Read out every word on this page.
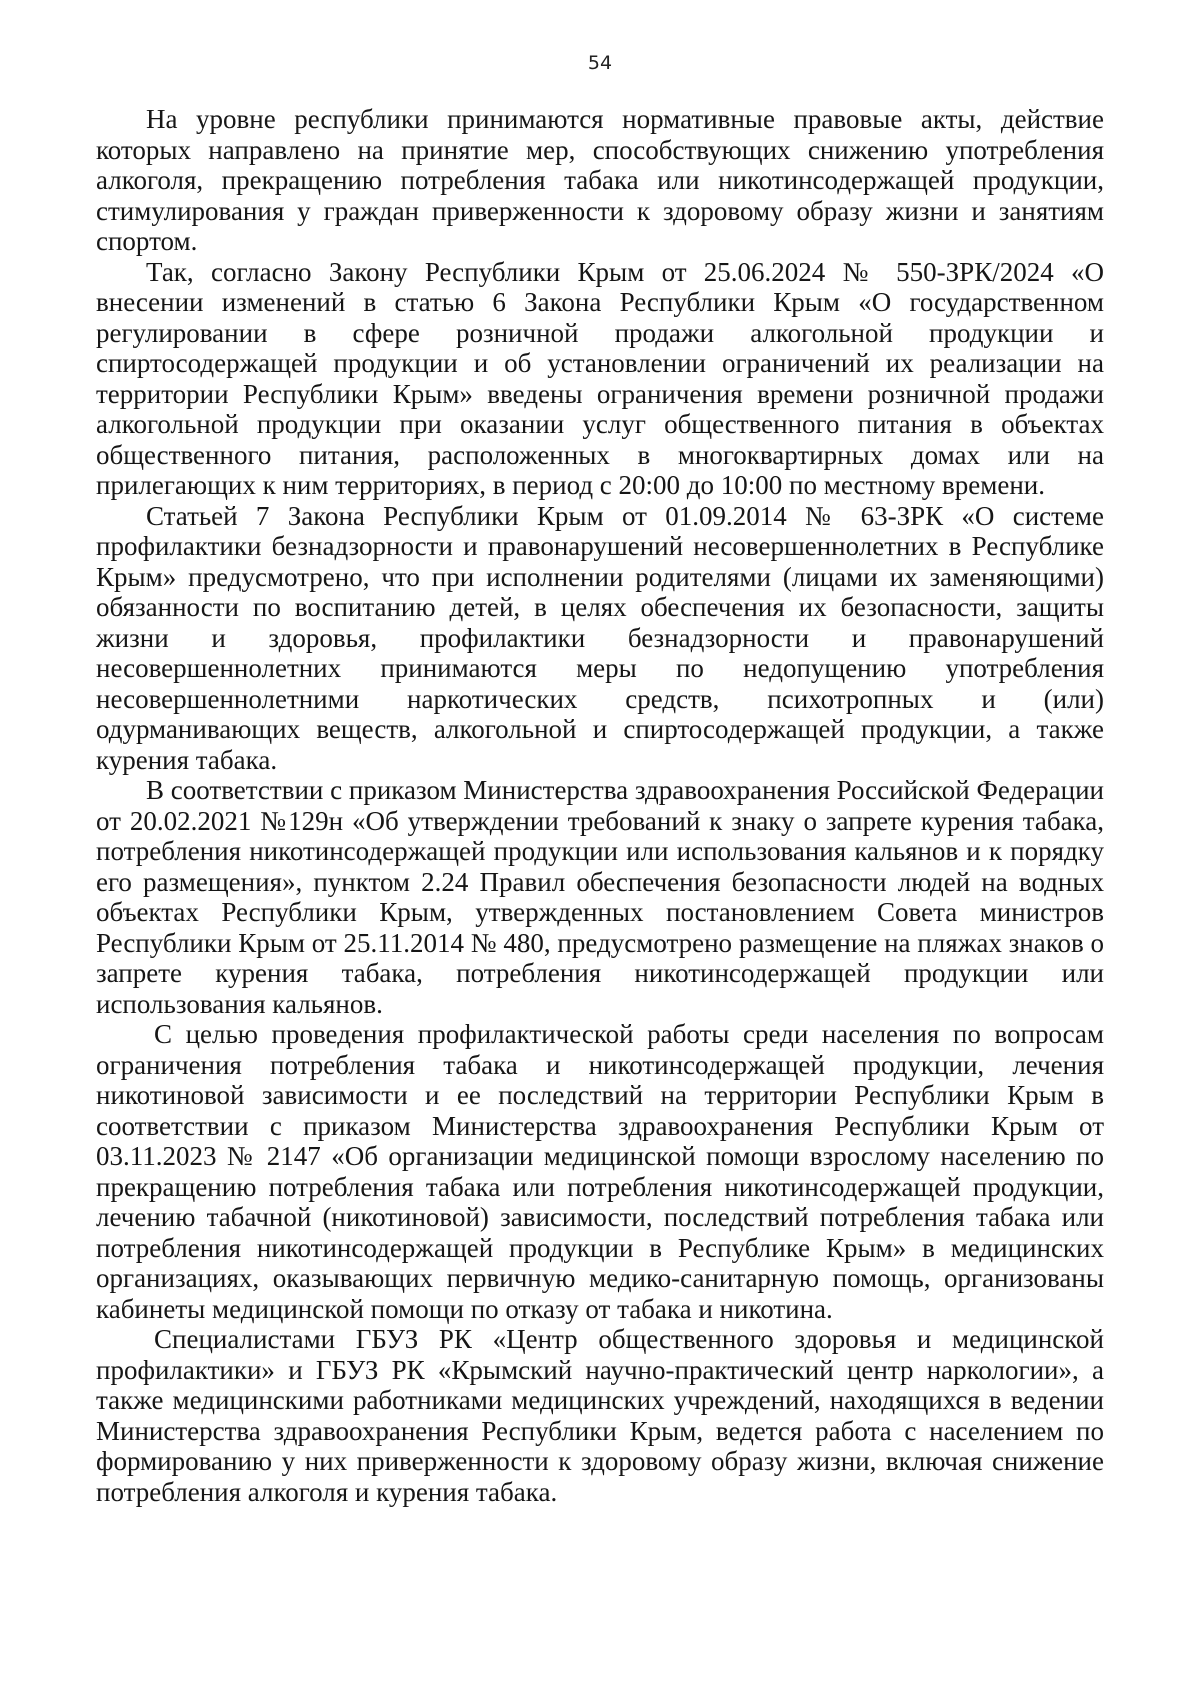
54

На уровне республики принимаются нормативные правовые акты, действие которых направлено на принятие мер, способствующих снижению употребления алкоголя, прекращению потребления табака или никотинсодержащей продукции, стимулирования у граждан приверженности к здоровому образу жизни и занятиям спортом.

Так, согласно Закону Республики Крым от 25.06.2024 № 550-ЗРК/2024 «О внесении изменений в статью 6 Закона Республики Крым «О государственном регулировании в сфере розничной продажи алкогольной продукции и спиртосодержащей продукции и об установлении ограничений их реализации на территории Республики Крым» введены ограничения времени розничной продажи алкогольной продукции при оказании услуг общественного питания в объектах общественного питания, расположенных в многоквартирных домах или на прилегающих к ним территориях, в период с 20:00 до 10:00 по местному времени.

Статьей 7 Закона Республики Крым от 01.09.2014 № 63-ЗРК «О системе профилактики безнадзорности и правонарушений несовершеннолетних в Республике Крым» предусмотрено, что при исполнении родителями (лицами их заменяющими) обязанности по воспитанию детей, в целях обеспечения их безопасности, защиты жизни и здоровья, профилактики безнадзорности и правонарушений несовершеннолетних принимаются меры по недопущению употребления несовершеннолетними наркотических средств, психотропных и (или) одурманивающих веществ, алкогольной и спиртосодержащей продукции, а также курения табака.

В соответствии с приказом Министерства здравоохранения Российской Федерации от 20.02.2021 №129н «Об утверждении требований к знаку о запрете курения табака, потребления никотинсодержащей продукции или использования кальянов и к порядку его размещения», пунктом 2.24 Правил обеспечения безопасности людей на водных объектах Республики Крым, утвержденных постановлением Совета министров Республики Крым от 25.11.2014 № 480, предусмотрено размещение на пляжах знаков о запрете курения табака, потребления никотинсодержащей продукции или использования кальянов.

С целью проведения профилактической работы среди населения по вопросам ограничения потребления табака и никотинсодержащей продукции, лечения никотиновой зависимости и ее последствий на территории Республики Крым в соответствии с приказом Министерства здравоохранения Республики Крым от 03.11.2023 № 2147 «Об организации медицинской помощи взрослому населению по прекращению потребления табака или потребления никотинсодержащей продукции, лечению табачной (никотиновой) зависимости, последствий потребления табака или потребления никотинсодержащей продукции в Республике Крым» в медицинских организациях, оказывающих первичную медико-санитарную помощь, организованы кабинеты медицинской помощи по отказу от табака и никотина.

Специалистами ГБУЗ РК «Центр общественного здоровья и медицинской профилактики» и ГБУЗ РК «Крымский научно-практический центр наркологии», а также медицинскими работниками медицинских учреждений, находящихся в ведении Министерства здравоохранения Республики Крым, ведется работа с населением по формированию у них приверженности к здоровому образу жизни, включая снижение потребления алкоголя и курения табака.
